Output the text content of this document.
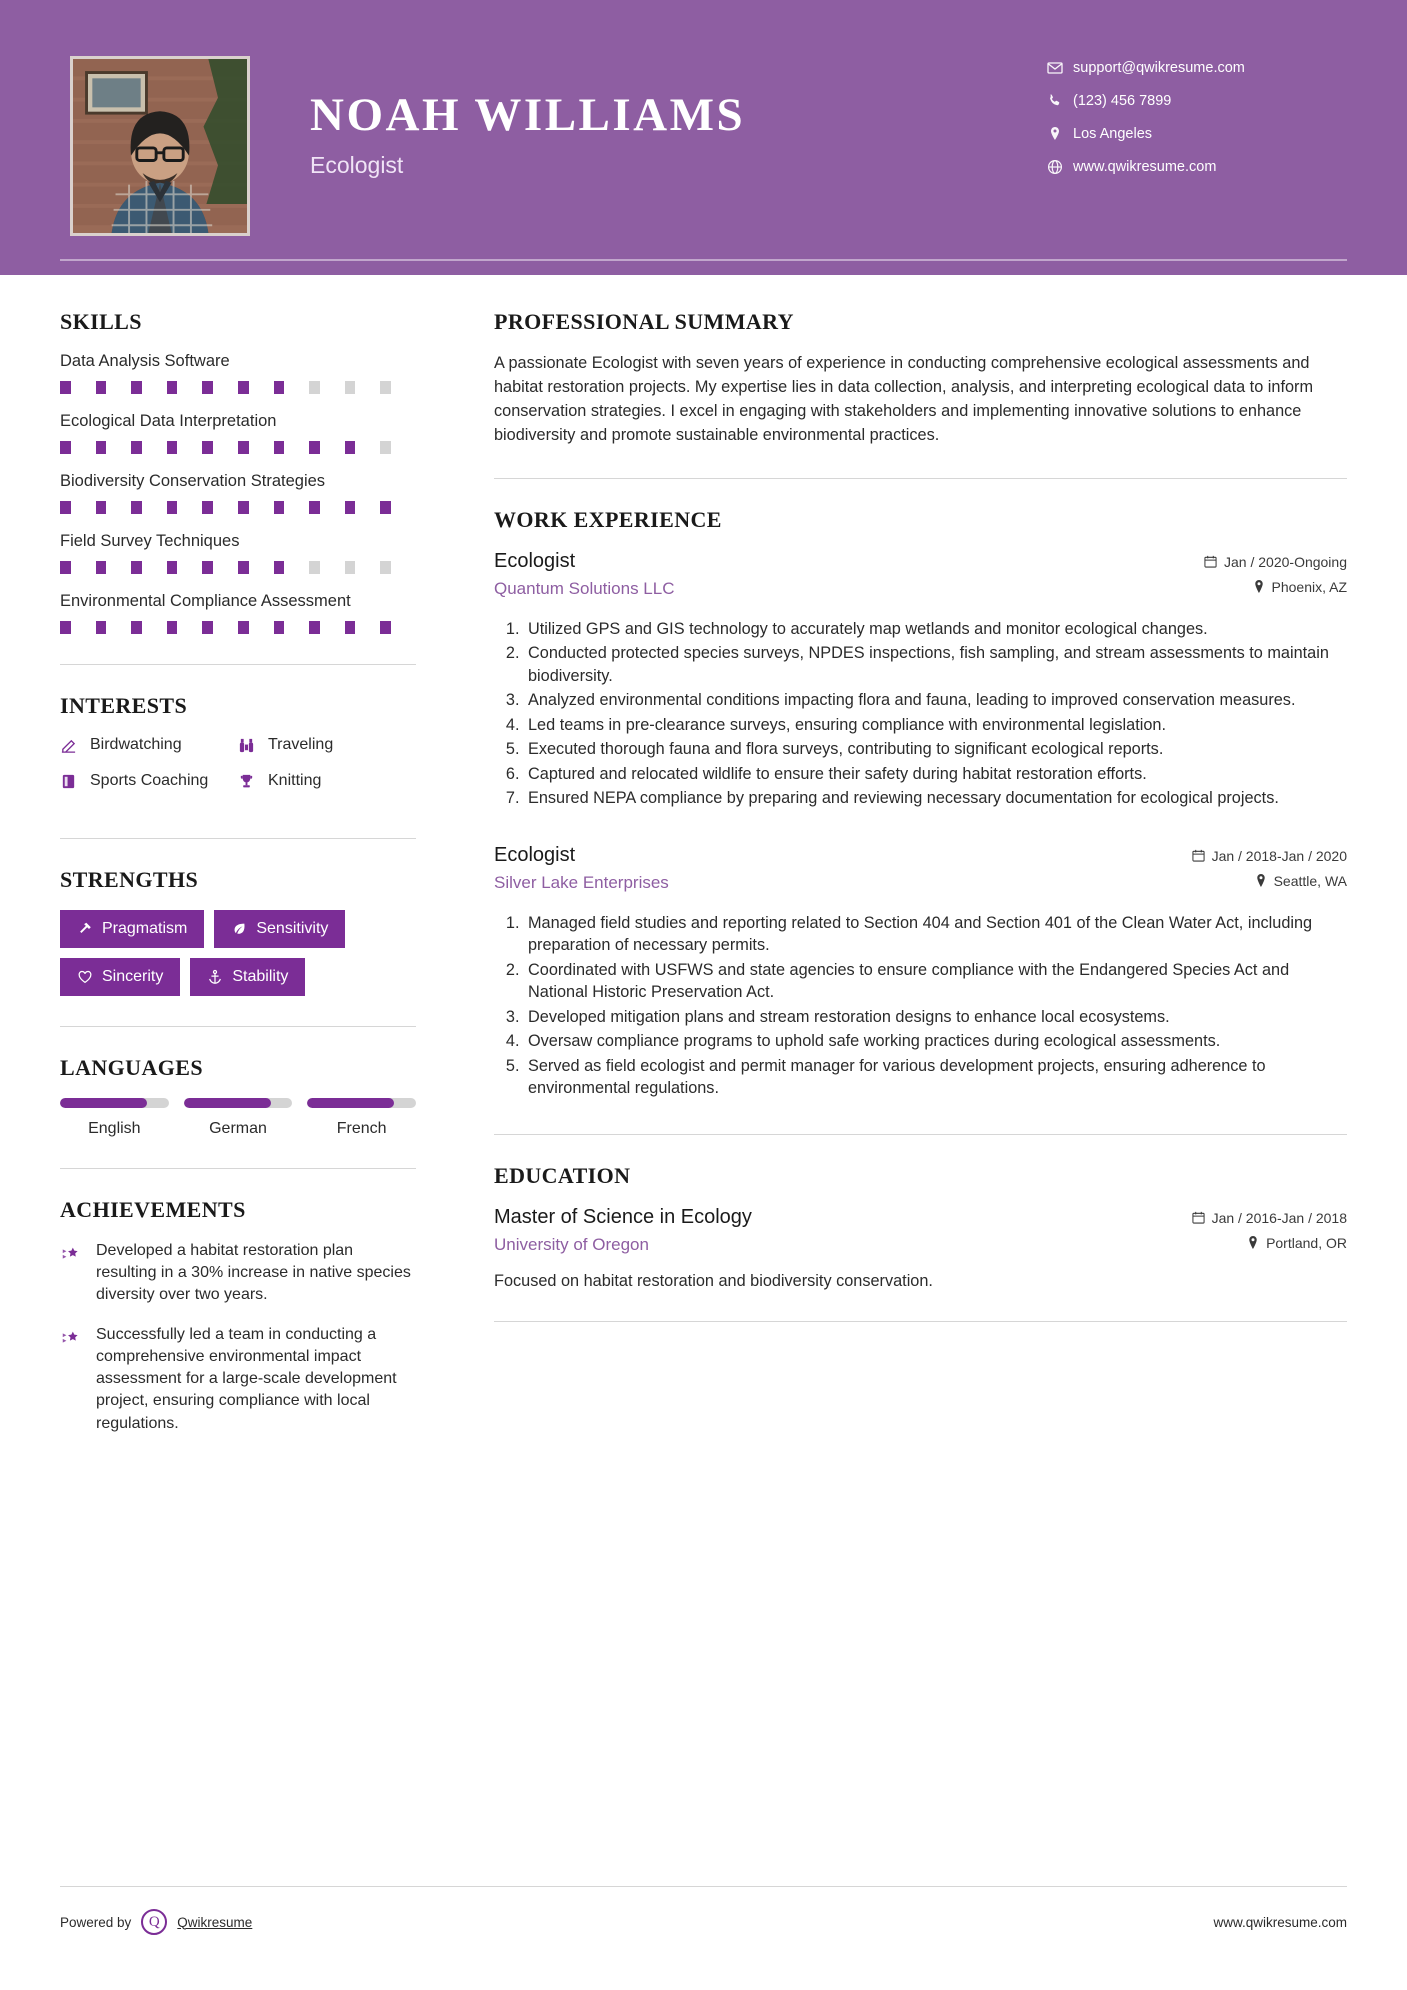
NOAH WILLIAMS
Ecologist
support@qwikresume.com
(123) 456 7899
Los Angeles
www.qwikresume.com
SKILLS
Data Analysis Software
Ecological Data Interpretation
Biodiversity Conservation Strategies
Field Survey Techniques
Environmental Compliance Assessment
INTERESTS
Birdwatching	Traveling
Sports Coaching	Knitting
STRENGTHS
Pragmatism	Sensitivity
Sincerity	Stability
LANGUAGES
English	German	French
ACHIEVEMENTS

Developed a habitat restoration plan resulting in a 30% increase in native species diversity over two years.

Successfully led a team in conducting a comprehensive environmental impact assessment for a large-scale development project, ensuring compliance with local regulations.

PROFESSIONAL SUMMARY

A passionate Ecologist with seven years of experience in conducting comprehensive ecological assessments and habitat restoration projects. My expertise lies in data collection, analysis, and interpreting ecological data to inform conservation strategies. I excel in engaging with stakeholders and implementing innovative solutions to enhance biodiversity and promote sustainable environmental practices.

WORK EXPERIENCE
Ecologist
Quantum Solutions LLC
Jan / 2020-Ongoing
Phoenix, AZ
1. Utilized GPS and GIS technology to accurately map wetlands and monitor ecological changes.
2. Conducted protected species surveys, NPDES inspections, fish sampling, and stream assessments to maintain biodiversity.
3. Analyzed environmental conditions impacting flora and fauna, leading to improved conservation measures.
4. Led teams in pre-clearance surveys, ensuring compliance with environmental legislation.
5. Executed thorough fauna and flora surveys, contributing to significant ecological reports.
6. Captured and relocated wildlife to ensure their safety during habitat restoration efforts.
7. Ensured NEPA compliance by preparing and reviewing necessary documentation for ecological projects.
Ecologist
Silver Lake Enterprises
Jan / 2018-Jan / 2020
Seattle, WA
1. Managed field studies and reporting related to Section 404 and Section 401 of the Clean Water Act, including preparation of necessary permits.
2. Coordinated with USFWS and state agencies to ensure compliance with the Endangered Species Act and National Historic Preservation Act.
3. Developed mitigation plans and stream restoration designs to enhance local ecosystems.
4. Oversaw compliance programs to uphold safe working practices during ecological assessments.
5. Served as field ecologist and permit manager for various development projects, ensuring adherence to environmental regulations.
EDUCATION
Master of Science in Ecology
University of Oregon
Jan / 2016-Jan / 2018
Portland, OR

Focused on habitat restoration and biodiversity conservation.

Powered by	Q	Qwikresume	www.qwikresume.com
